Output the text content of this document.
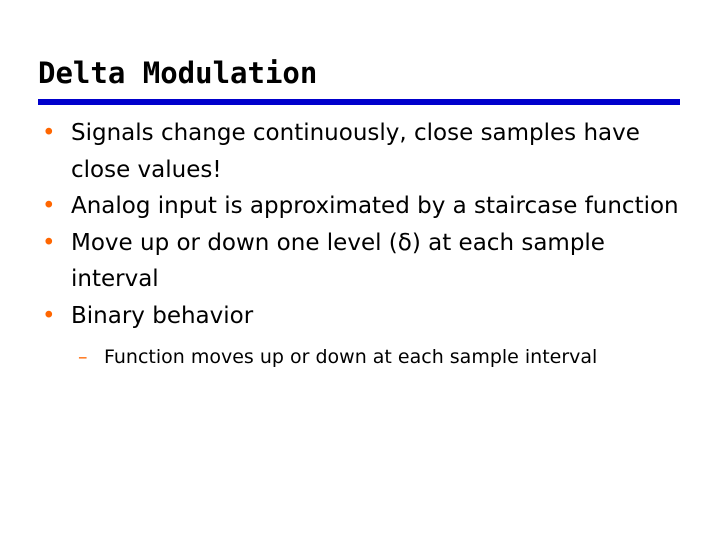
Delta Modulation
• Signals change continuously, close samples have close values!
• Analog input is approximated by a staircase function
• Move up or down one level (δ) at each sample interval
• Binary behavior
– Function moves up or down at each sample interval
